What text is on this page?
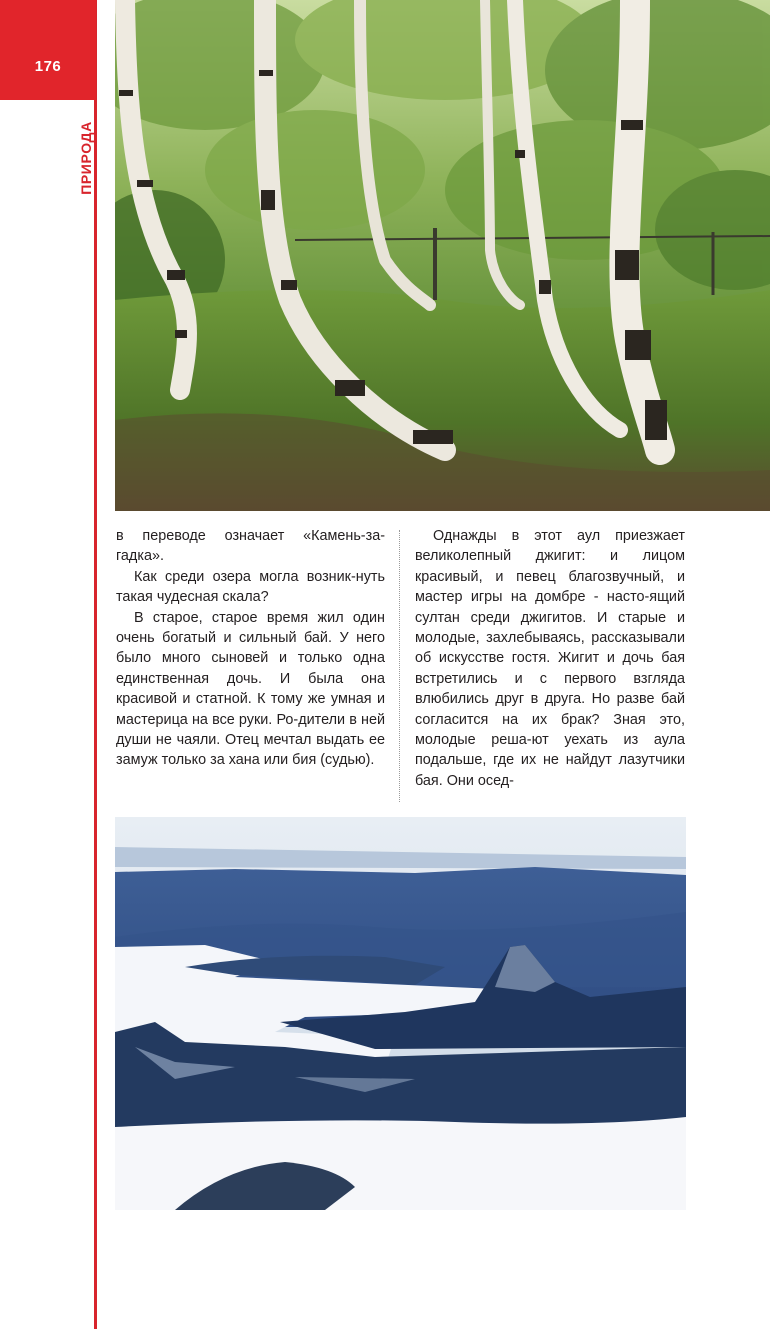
176
ПРИРОДА

в переводе означает «Камень-за-гадка».

Как среди озера могла возник-нуть такая чудесная скала?

В старое, старое время жил один очень богатый и сильный бай. У него было много сыновей и только одна единственная дочь. И была она красивой и статной. К тому же умная и мастерица на все руки. Ро-дители в ней души не чаяли. Отец мечтал выдать ее замуж только за хана или бия (судью).

Однажды в этот аул приезжает великолепный джигит: и лицом красивый, и певец благозвучный, и мастер игры на домбре - насто-ящий султан среди джигитов. И старые и молодые, захлебываясь, рассказывали об искусстве гостя. Жигит и дочь бая встретились и с первого взгляда влюбились друг в друга. Но разве бай согласится на их брак? Зная это, молодые реша-ют уехать из аула подальше, где их не найдут лазутчики бая. Они осед-
